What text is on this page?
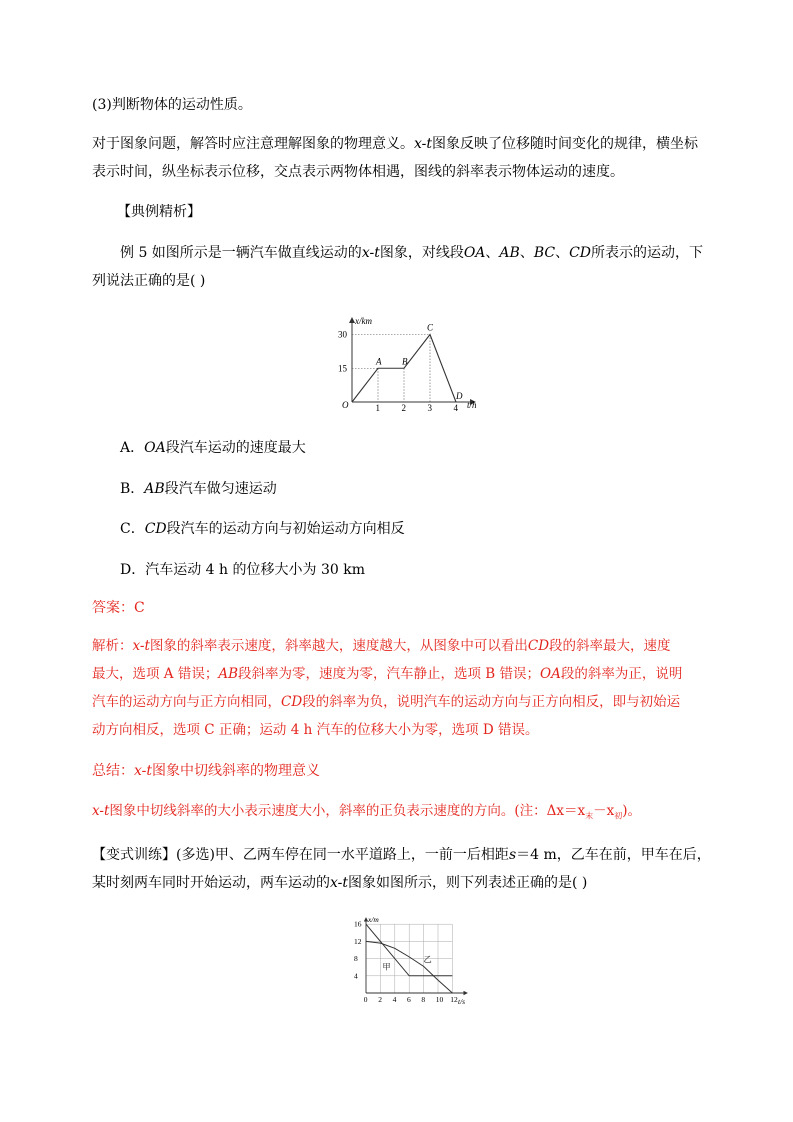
(3)判断物体的运动性质。
对于图象问题，解答时应注意理解图象的物理意义。x-t图象反映了位移随时间变化的规律，横坐标
表示时间，纵坐标表示位移，交点表示两物体相遇，图线的斜率表示物体运动的速度。
【典例精析】
例 5 如图所示是一辆汽车做直线运动的x-t图象，对线段OA、AB、BC、CD所表示的运动，下
列说法正确的是( )
x/km
t/h
O	1 2 3 4
15
30
A B
C
D
A．OA段汽车运动的速度最大
B．AB段汽车做匀速运动
C．CD段汽车的运动方向与初始运动方向相反
D．汽车运动 4 h 的位移大小为 30 km
答案：C
解析：x-t图象的斜率表示速度，斜率越大，速度越大，从图象中可以看出CD段的斜率最大，速度
最大，选项 A 错误；AB段斜率为零，速度为零，汽车静止，选项 B 错误；OA段的斜率为正，说明
汽车的运动方向与正方向相同，CD段的斜率为负，说明汽车的运动方向与正方向相反，即与初始运
动方向相反，选项 C 正确；运动 4 h 汽车的位移大小为零，选项 D 错误。
总结：x-t图象中切线斜率的物理意义
x-t图象中切线斜率的大小表示速度大小，斜率的正负表示速度的方向。(注：$\Delta x=x_末-x_初$)。
【变式训练】(多选)甲、乙两车停在同一水平道路上，一前一后相距s＝4 m，乙车在前，甲车在后，
某时刻两车同时开始运动，两车运动的x-t图象如图所示，则下列表述正确的是( )
x/m
t/s
4
8
12
16
0 2 4 6 8 10 12
甲
乙
